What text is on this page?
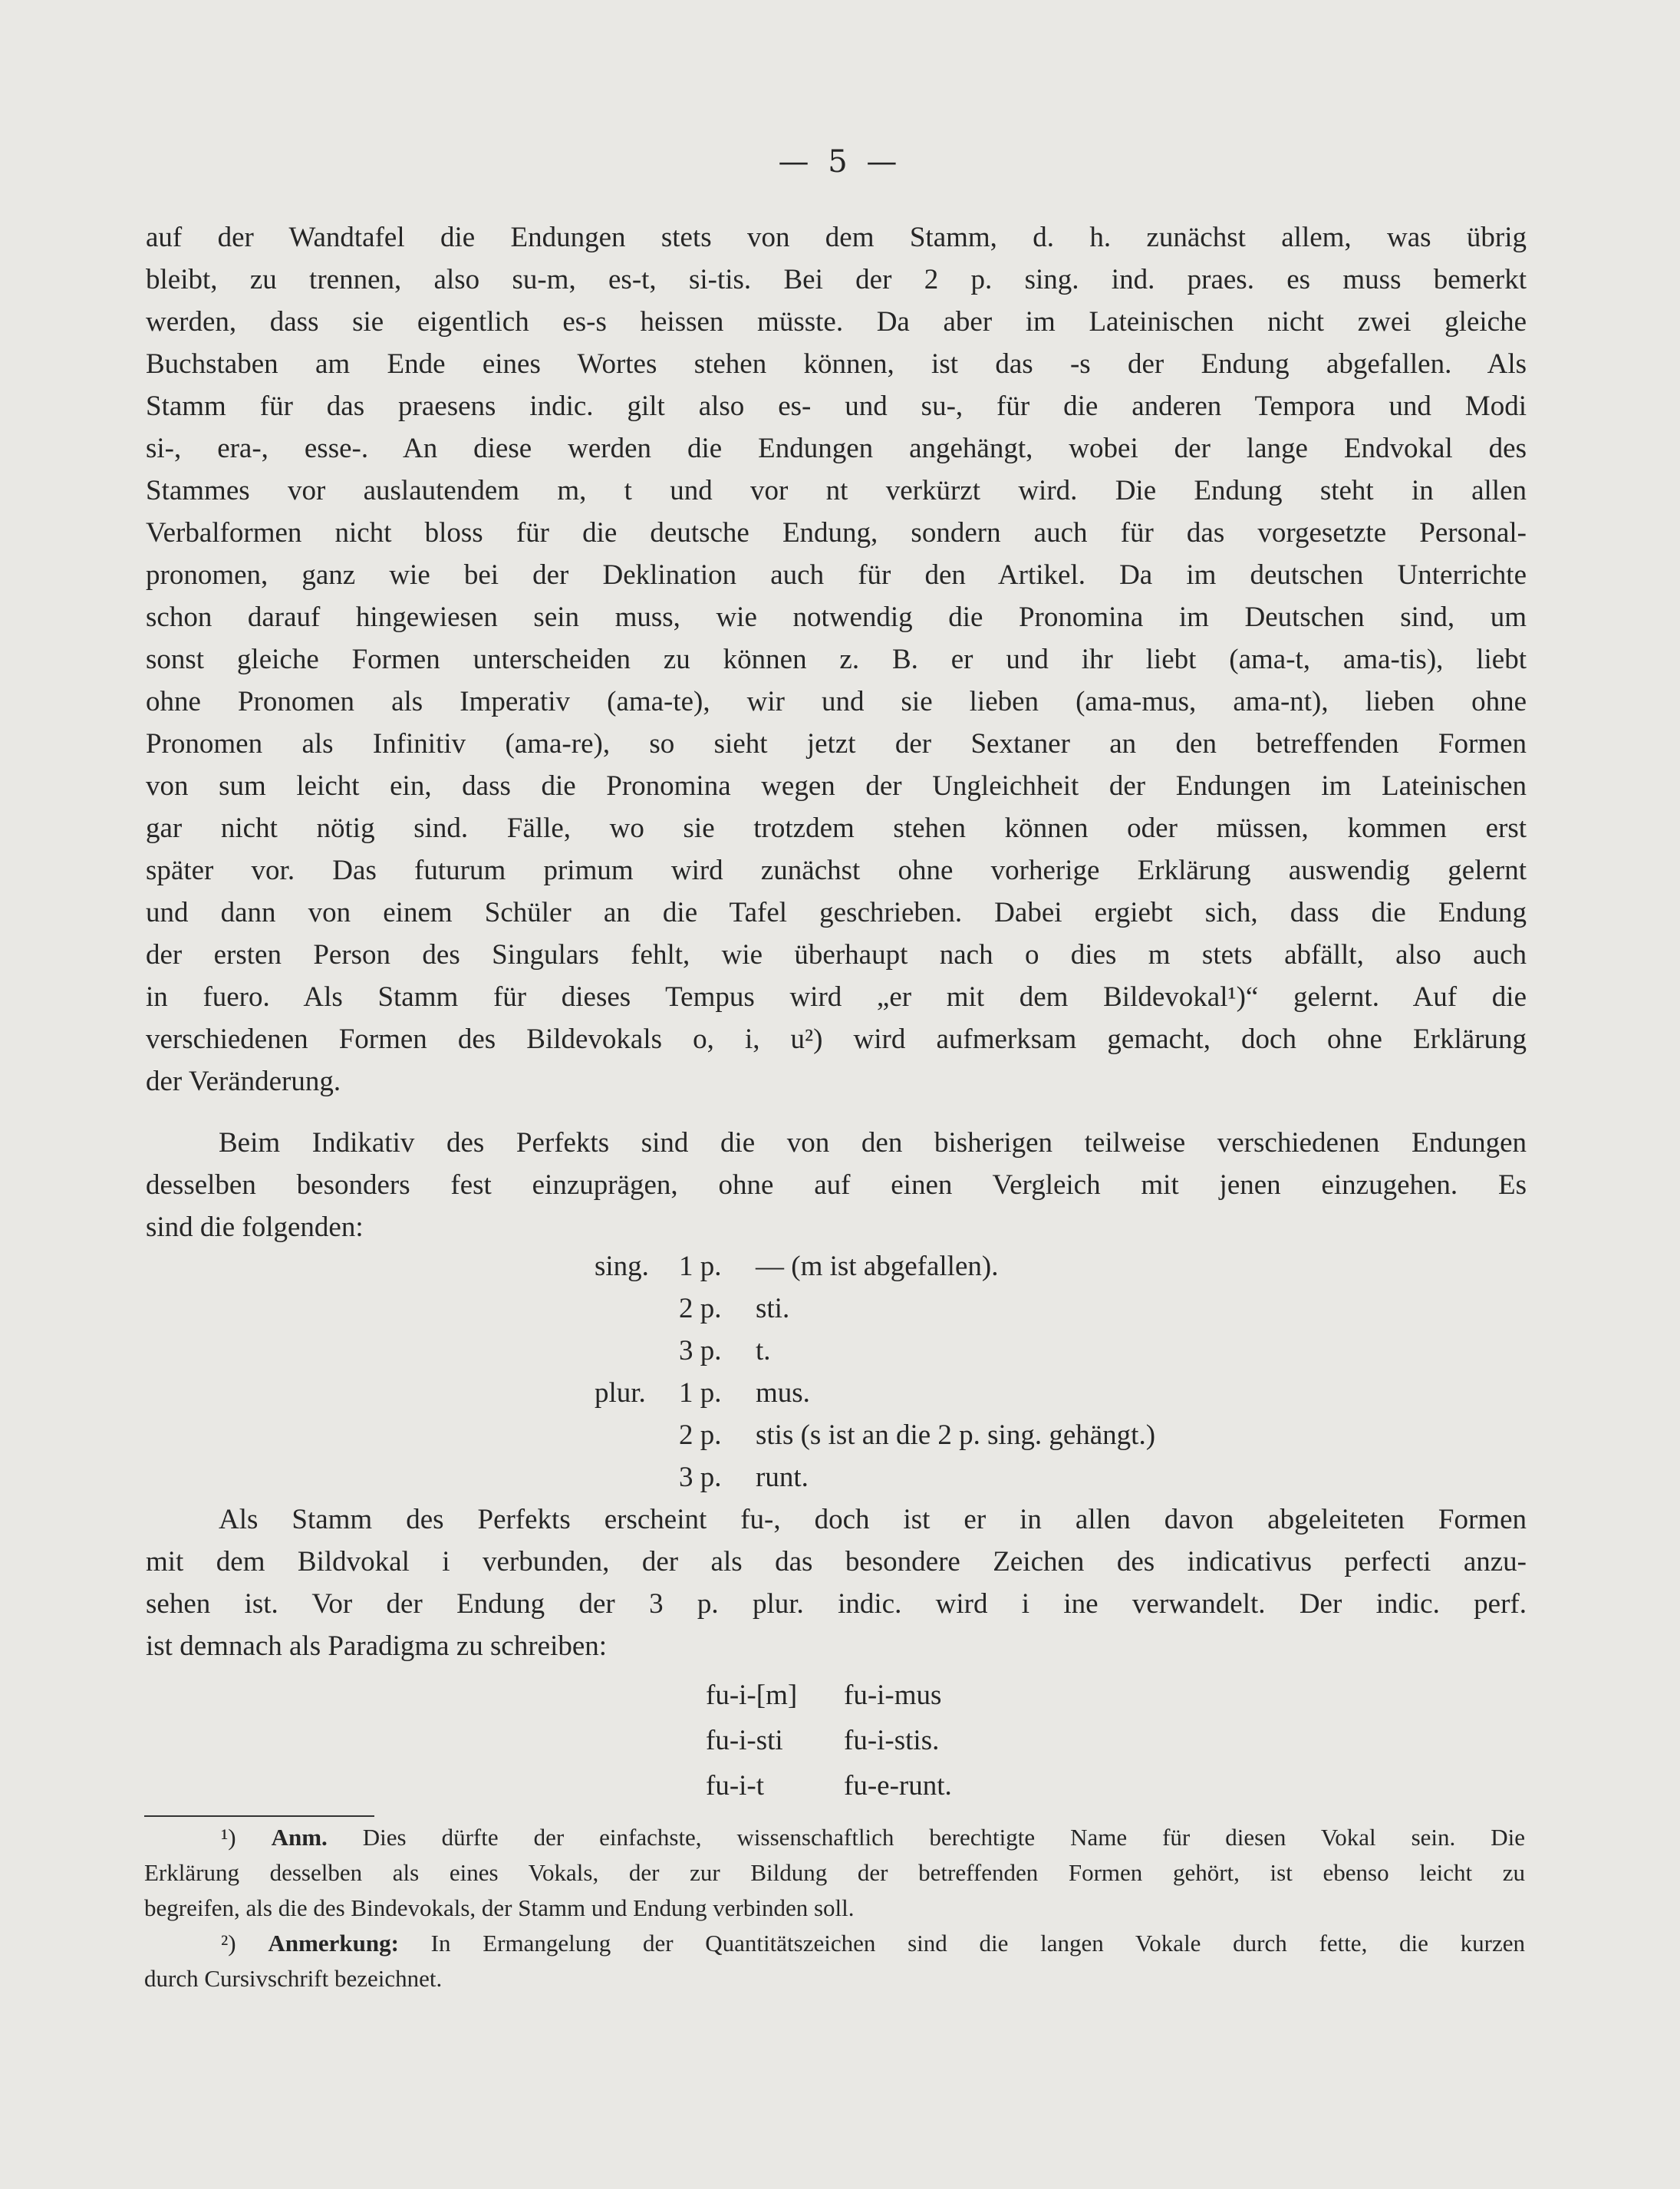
— 5 —
auf der Wandtafel die Endungen stets von dem Stamm, d. h. zunächst allem, was übrig
bleibt, zu trennen, also su-m, es-t, si-tis. Bei der 2 p. sing. ind. praes. es muss bemerkt
werden, dass sie eigentlich es-s heissen müsste. Da aber im Lateinischen nicht zwei gleiche
Buchstaben am Ende eines Wortes stehen können, ist das -s der Endung abgefallen. Als
Stamm für das praesens indic. gilt also es- und su-, für die anderen Tempora und Modi
si-, era-, esse-. An diese werden die Endungen angehängt, wobei der lange Endvokal des
Stammes vor auslautendem m, t und vor nt verkürzt wird. Die Endung steht in allen
Verbalformen nicht bloss für die deutsche Endung, sondern auch für das vorgesetzte Personal-
pronomen, ganz wie bei der Deklination auch für den Artikel. Da im deutschen Unterrichte
schon darauf hingewiesen sein muss, wie notwendig die Pronomina im Deutschen sind, um
sonst gleiche Formen unterscheiden zu können z. B. er und ihr liebt (ama-t, ama-tis), liebt
ohne Pronomen als Imperativ (ama-te), wir und sie lieben (ama-mus, ama-nt), lieben ohne
Pronomen als Infinitiv (ama-re), so sieht jetzt der Sextaner an den betreffenden Formen
von sum leicht ein, dass die Pronomina wegen der Ungleichheit der Endungen im Lateinischen
gar nicht nötig sind. Fälle, wo sie trotzdem stehen können oder müssen, kommen erst
später vor. Das futurum primum wird zunächst ohne vorherige Erklärung auswendig gelernt
und dann von einem Schüler an die Tafel geschrieben. Dabei ergiebt sich, dass die Endung
der ersten Person des Singulars fehlt, wie überhaupt nach o dies m stets abfällt, also auch
in fuero. Als Stamm für dieses Tempus wird „er mit dem Bildevokal¹)“ gelernt. Auf die
verschiedenen Formen des Bildevokals o, i, u²) wird aufmerksam gemacht, doch ohne Erklärung
der Veränderung.
Beim Indikativ des Perfekts sind die von den bisherigen teilweise verschiedenen Endungen
desselben besonders fest einzuprägen, ohne auf einen Vergleich mit jenen einzugehen. Es
sind die folgenden:
sing. 1 p. — (m ist abgefallen).
2 p. sti.
3 p. t.
plur. 1 p. mus.
2 p. stis (s ist an die 2 p. sing. gehängt.)
3 p. runt.
Als Stamm des Perfekts erscheint fu-, doch ist er in allen davon abgeleiteten Formen
mit dem Bildvokal i verbunden, der als das besondere Zeichen des indicativus perfecti anzu-
sehen ist. Vor der Endung der 3 p. plur. indic. wird i ine verwandelt. Der indic. perf.
ist demnach als Paradigma zu schreiben:
fu-i-[m] fu-i-mus
fu-i-sti fu-i-stis.
fu-i-t	fu-e-runt.
¹) Anm. Dies dürfte der einfachste, wissenschaftlich berechtigte Name für diesen Vokal sein. Die
Erklärung desselben als eines Vokals, der zur Bildung der betreffenden Formen gehört, ist ebenso leicht zu
begreifen, als die des Bindevokals, der Stamm und Endung verbinden soll.
²) Anmerkung: In Ermangelung der Quantitätszeichen sind die langen Vokale durch fette, die kurzen
durch Cursivschrift bezeichnet.
